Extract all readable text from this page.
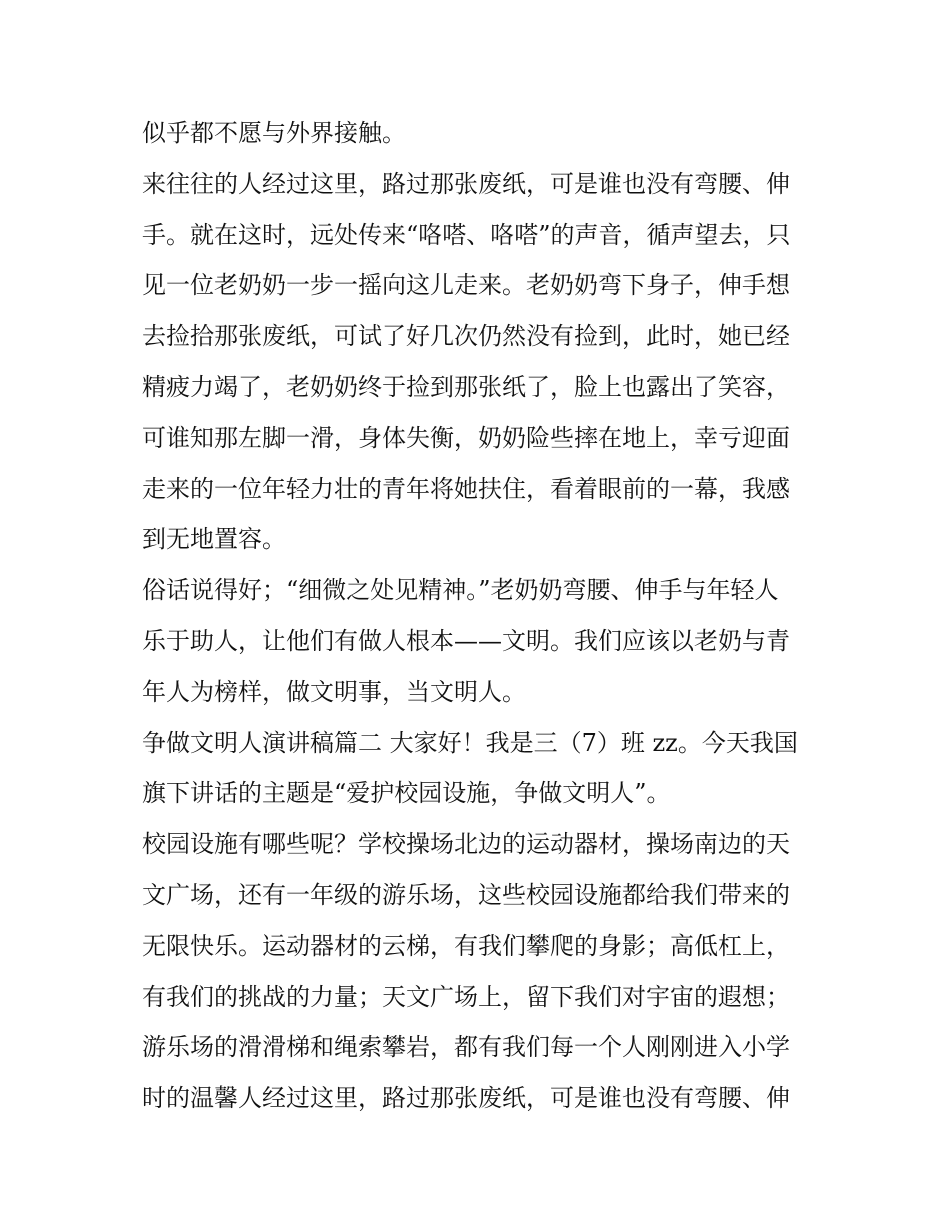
似乎都不愿与外界接触。
来往往的人经过这里，路过那张废纸，可是谁也没有弯腰、伸
手。就在这时，远处传来“咯嗒、咯嗒”的声音，循声望去，只
见一位老奶奶一步一摇向这儿走来。老奶奶弯下身子，伸手想
去捡拾那张废纸，可试了好几次仍然没有捡到，此时，她已经
精疲力竭了，老奶奶终于捡到那张纸了，脸上也露出了笑容，
可谁知那左脚一滑，身体失衡，奶奶险些摔在地上，幸亏迎面
走来的一位年轻力壮的青年将她扶住，看着眼前的一幕，我感
到无地置容。
俗话说得好；“细微之处见精神。”老奶奶弯腰、伸手与年轻人
乐于助人，让他们有做人根本——文明。我们应该以老奶与青
年人为榜样，做文明事，当文明人。
争做文明人演讲稿篇二 大家好！我是三（7）班 zz。今天我国
旗下讲话的主题是“爱护校园设施，争做文明人”。
校园设施有哪些呢？学校操场北边的运动器材，操场南边的天
文广场，还有一年级的游乐场，这些校园设施都给我们带来的
无限快乐。运动器材的云梯，有我们攀爬的身影；高低杠上，
有我们的挑战的力量；天文广场上，留下我们对宇宙的遐想；
游乐场的滑滑梯和绳索攀岩，都有我们每一个人刚刚进入小学
时的温馨人经过这里，路过那张废纸，可是谁也没有弯腰、伸
